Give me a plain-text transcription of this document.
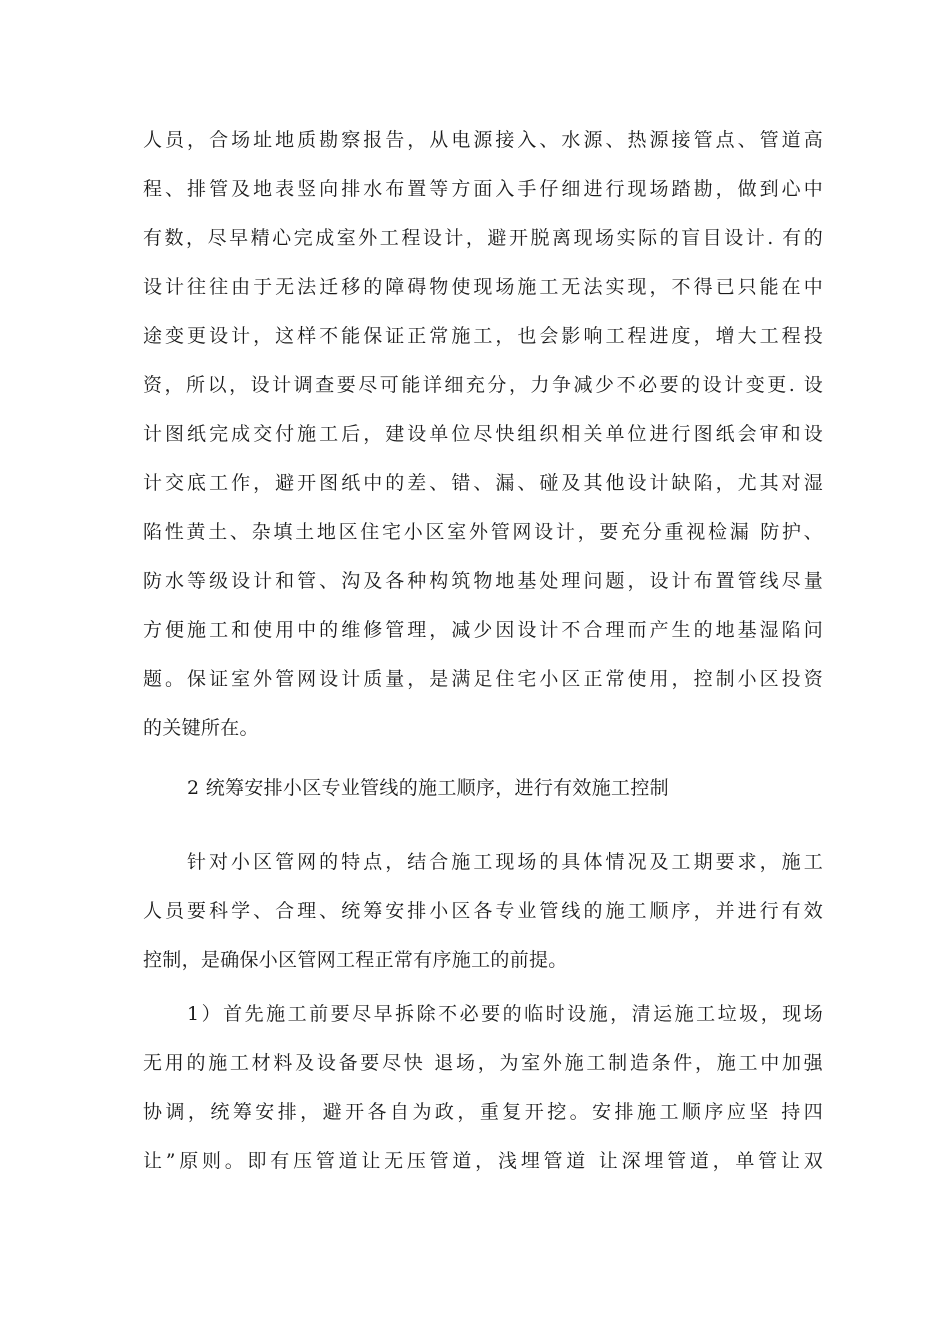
人员，合场址地质勘察报告，从电源接入、水源、热源接管点、管道高
程、排管及地表竖向排水布置等方面入手仔细进行现场踏勘，做到心中
有数，尽早精心完成室外工程设计，避开脱离现场实际的盲目设计. 有的
设计往往由于无法迁移的障碍物使现场施工无法实现，不得已只能在中
途变更设计，这样不能保证正常施工，也会影响工程进度，增大工程投
资，所以，设计调查要尽可能详细充分，力争减少不必要的设计变更. 设
计图纸完成交付施工后，建设单位尽快组织相关单位进行图纸会审和设
计交底工作，避开图纸中的差、错、漏、碰及其他设计缺陷，尤其对湿
陷性黄土、杂填土地区住宅小区室外管网设计，要充分重视检漏 防护、
防水等级设计和管、沟及各种构筑物地基处理问题，设计布置管线尽量
方便施工和使用中的维修管理，减少因设计不合理而产生的地基湿陷问
题。保证室外管网设计质量，是满足住宅小区正常使用，控制小区投资
的关键所在。
2 统筹安排小区专业管线的施工顺序，进行有效施工控制
针对小区管网的特点，结合施工现场的具体情况及工期要求，施工
人员要科学、合理、统筹安排小区各专业管线的施工顺序，并进行有效
控制，是确保小区管网工程正常有序施工的前提。
1）首先施工前要尽早拆除不必要的临时设施，清运施工垃圾，现场
无用的施工材料及设备要尽快 退场，为室外施工制造条件，施工中加强
协调，统筹安排，避开各自为政，重复开挖。安排施工顺序应坚 持四
让”原则。即有压管道让无压管道，浅埋管道 让深埋管道，单管让双
